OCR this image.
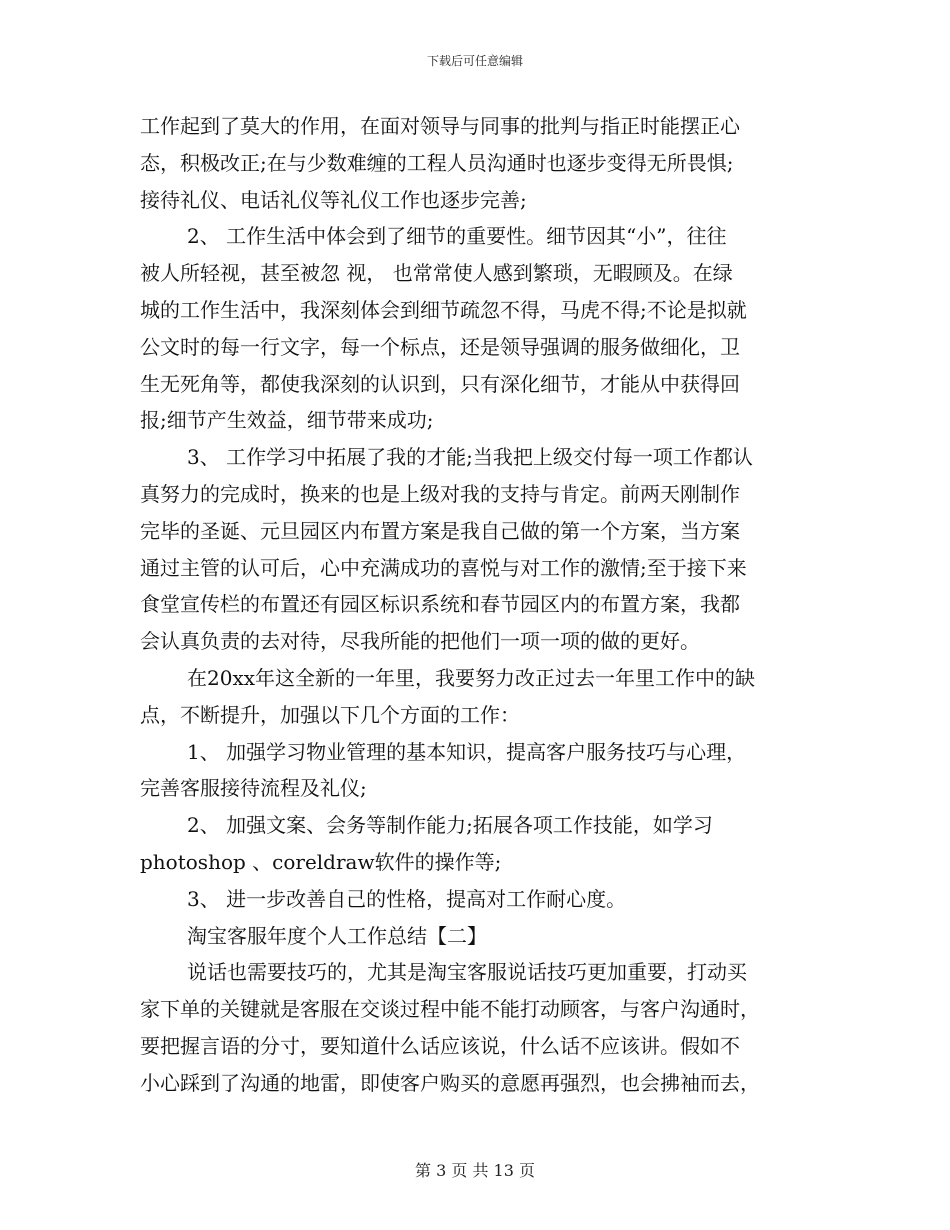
下载后可任意编辑
工作起到了莫大的作用，在面对领导与同事的批判与指正时能摆正心
态，积极改正;在与少数难缠的工程人员沟通时也逐步变得无所畏惧;
接待礼仪、电话礼仪等礼仪工作也逐步完善;
2、 工作生活中体会到了细节的重要性。细节因其“小”，往往
被人所轻视，甚至被忽 视， 也常常使人感到繁琐，无暇顾及。在绿
城的工作生活中，我深刻体会到细节疏忽不得，马虎不得;不论是拟就
公文时的每一行文字，每一个标点，还是领导强调的服务做细化，卫
生无死角等，都使我深刻的认识到，只有深化细节，才能从中获得回
报;细节产生效益，细节带来成功;
3、 工作学习中拓展了我的才能;当我把上级交付每一项工作都认
真努力的完成时，换来的也是上级对我的支持与肯定。前两天刚制作
完毕的圣诞、元旦园区内布置方案是我自己做的第一个方案，当方案
通过主管的认可后，心中充满成功的喜悦与对工作的激情;至于接下来
食堂宣传栏的布置还有园区标识系统和春节园区内的布置方案，我都
会认真负责的去对待，尽我所能的把他们一项一项的做的更好。
在20xx年这全新的一年里，我要努力改正过去一年里工作中的缺
点，不断提升，加强以下几个方面的工作：
1、 加强学习物业管理的基本知识，提高客户服务技巧与心理，
完善客服接待流程及礼仪;
2、 加强文案、会务等制作能力;拓展各项工作技能，如学习
photoshop 、coreldraw软件的操作等;
3、 进一步改善自己的性格，提高对工作耐心度。
淘宝客服年度个人工作总结【二】
说话也需要技巧的，尤其是淘宝客服说话技巧更加重要，打动买
家下单的关键就是客服在交谈过程中能不能打动顾客，与客户沟通时，
要把握言语的分寸，要知道什么话应该说，什么话不应该讲。假如不
小心踩到了沟通的地雷，即使客户购买的意愿再强烈，也会拂袖而去，
第 3 页 共 13 页
